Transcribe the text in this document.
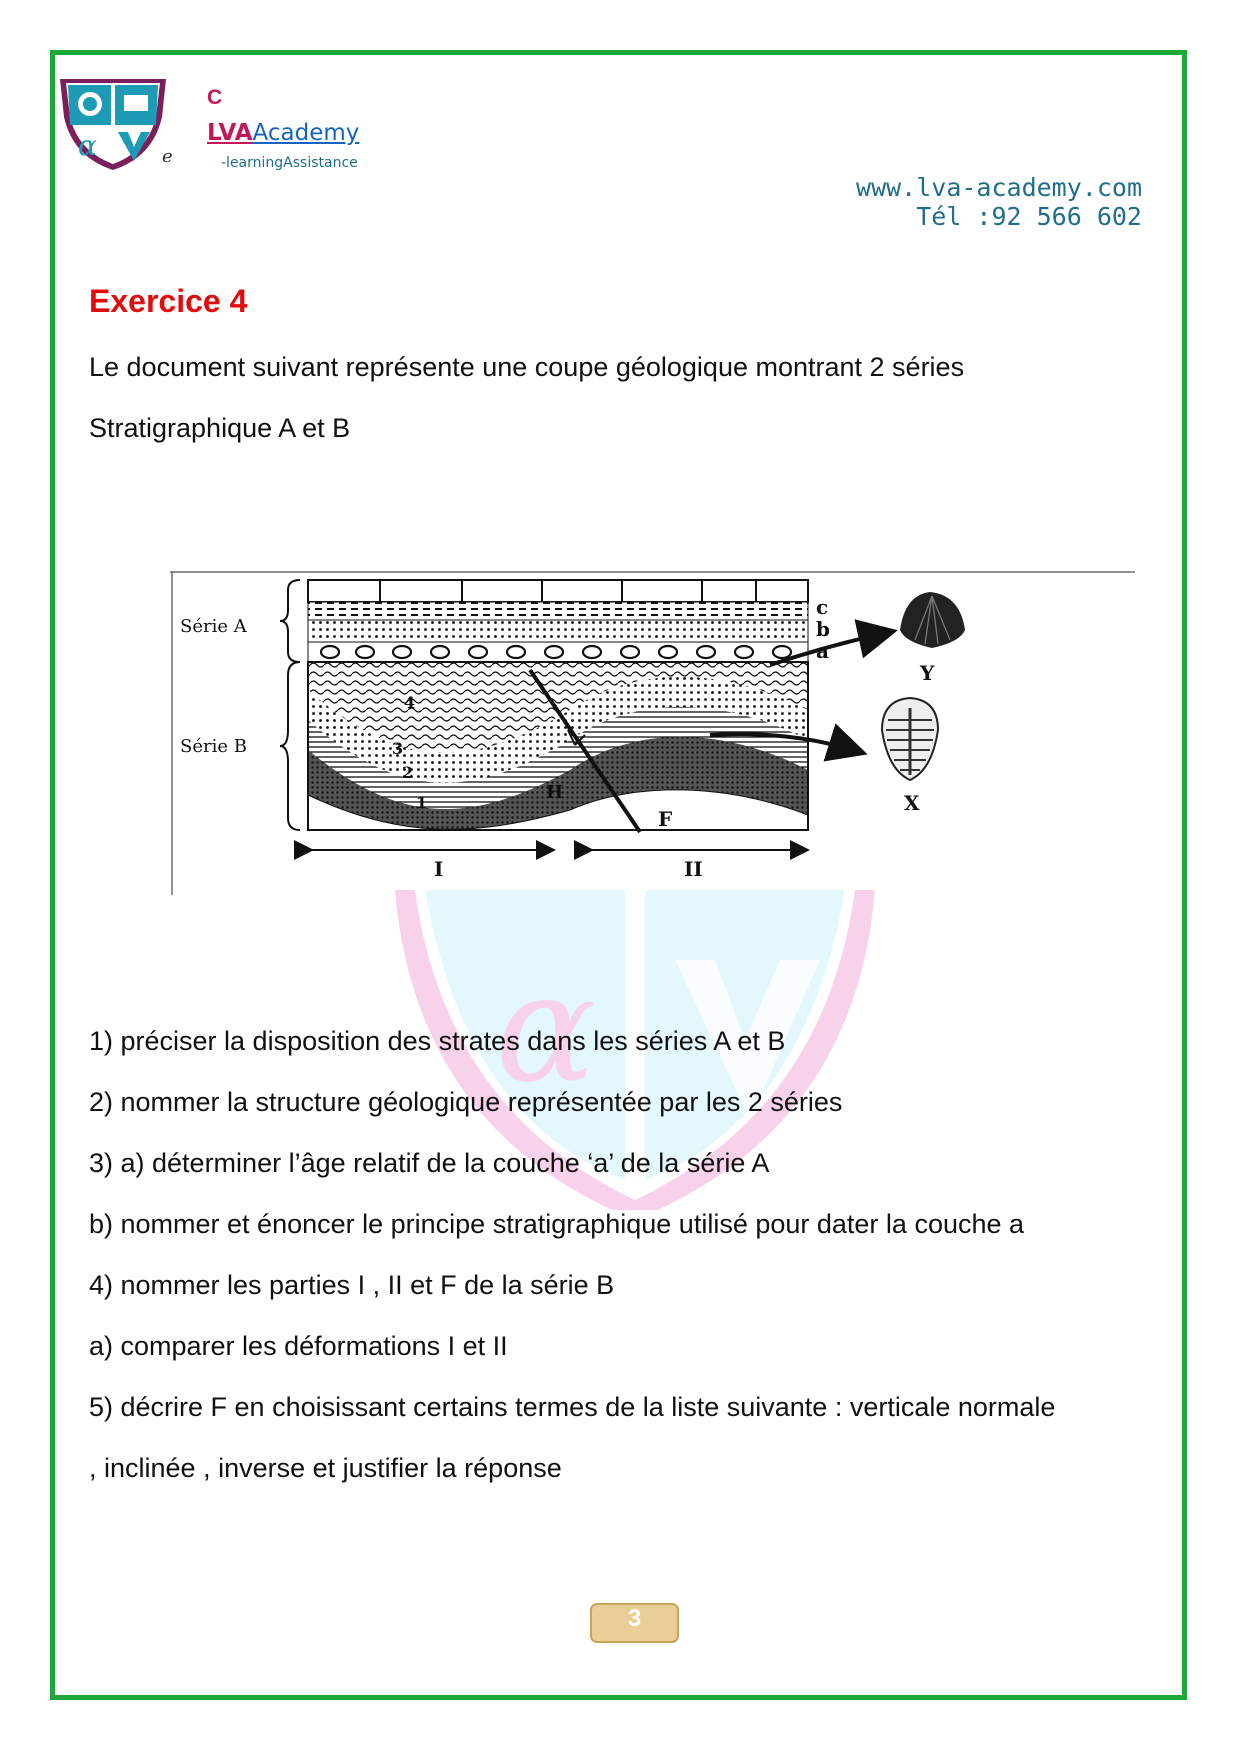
α
α
C
LVAAcademy
e	-learningAssistance
www.lva-academy.com
Tél :92 566 602
Exercice 4
Le document suivant représente une coupe géologique montrant 2 séries
Stratigraphique A et B
Série A
Série B
c
b
a
1
2
3
4
H
F
I	II
Y
X
1) préciser la disposition des strates dans les séries A et B
2) nommer la structure géologique représentée par les 2 séries
3) a) déterminer l’âge relatif de la couche ‘a’ de la série A
b) nommer et énoncer le principe stratigraphique utilisé pour dater la couche a
4) nommer les parties I , II et F de la série B
a) comparer les déformations I et II
5) décrire F en choisissant certains termes de la liste suivante : verticale normale
, inclinée , inverse et justifier la réponse
3
